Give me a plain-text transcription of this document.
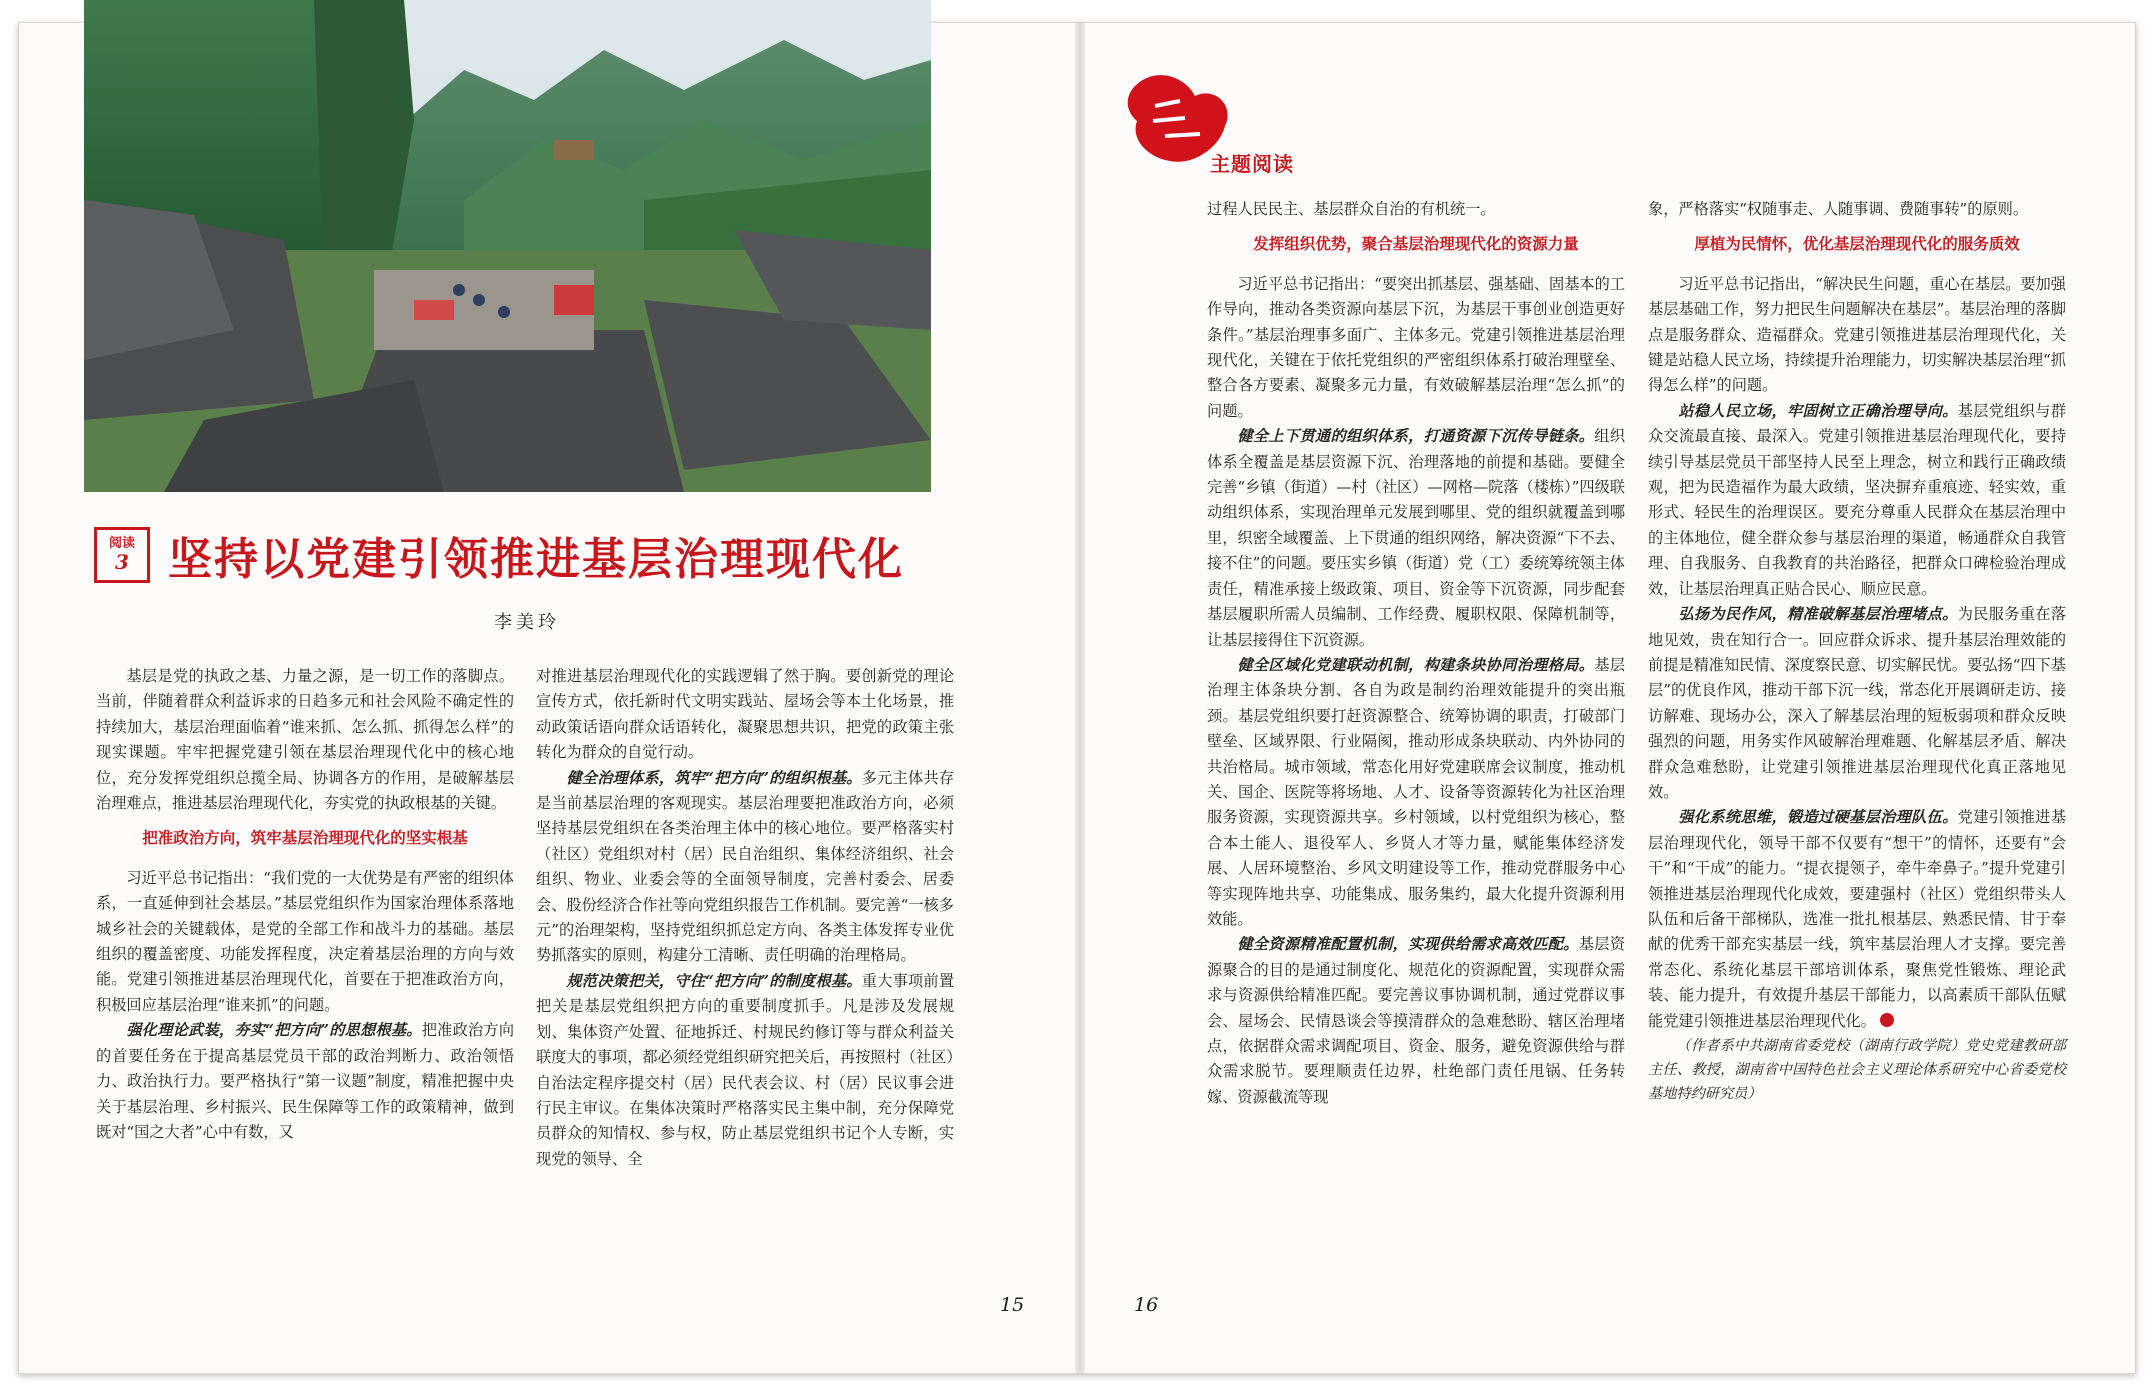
主题阅读
阅读
3 坚持以党建引领推进基层治理现代化
李美玲

基层是党的执政之基、力量之源，是一切工作的落脚点。当前，伴随着群众利益诉求的日趋多元和社会风险不确定性的持续加大，基层治理面临着“谁来抓、怎么抓、抓得怎么样”的现实课题。牢牢把握党建引领在基层治理现代化中的核心地位，充分发挥党组织总揽全局、协调各方的作用，是破解基层治理难点，推进基层治理现代化，夯实党的执政根基的关键。

把准政治方向，筑牢基层治理现代化的坚实根基

习近平总书记指出：“我们党的一大优势是有严密的组织体系，一直延伸到社会基层。”基层党组织作为国家治理体系落地城乡社会的关键载体，是党的全部工作和战斗力的基础。基层组织的覆盖密度、功能发挥程度，决定着基层治理的方向与效能。党建引领推进基层治理现代化，首要在于把准政治方向，积极回应基层治理“谁来抓”的问题。

强化理论武装，夯实“把方向”的思想根基。把准政治方向的首要任务在于提高基层党员干部的政治判断力、政治领悟力、政治执行力。要严格执行“第一议题”制度，精准把握中央关于基层治理、乡村振兴、民生保障等工作的政策精神，做到既对“国之大者”心中有数，又

对推进基层治理现代化的实践逻辑了然于胸。要创新党的理论宣传方式，依托新时代文明实践站、屋场会等本土化场景，推动政策话语向群众话语转化，凝聚思想共识，把党的政策主张转化为群众的自觉行动。

健全治理体系，筑牢“把方向”的组织根基。多元主体共存是当前基层治理的客观现实。基层治理要把准政治方向，必须坚持基层党组织在各类治理主体中的核心地位。要严格落实村（社区）党组织对村（居）民自治组织、集体经济组织、社会组织、物业、业委会等的全面领导制度，完善村委会、居委会、股份经济合作社等向党组织报告工作机制。要完善“一核多元”的治理架构，坚持党组织抓总定方向、各类主体发挥专业优势抓落实的原则，构建分工清晰、责任明确的治理格局。

规范决策把关，守住“把方向”的制度根基。重大事项前置把关是基层党组织把方向的重要制度抓手。凡是涉及发展规划、集体资产处置、征地拆迁、村规民约修订等与群众利益关联度大的事项，都必须经党组织研究把关后，再按照村（社区）自治法定程序提交村（居）民代表会议、村（居）民议事会进行民主审议。在集体决策时严格落实民主集中制，充分保障党员群众的知情权、参与权，防止基层党组织书记个人专断，实现党的领导、全

过程人民民主、基层群众自治的有机统一。

发挥组织优势，聚合基层治理现代化的资源力量

习近平总书记指出：“要突出抓基层、强基础、固基本的工作导向，推动各类资源向基层下沉，为基层干事创业创造更好条件。”基层治理事多面广、主体多元。党建引领推进基层治理现代化，关键在于依托党组织的严密组织体系打破治理壁垒、整合各方要素、凝聚多元力量，有效破解基层治理“怎么抓”的问题。

健全上下贯通的组织体系，打通资源下沉传导链条。组织体系全覆盖是基层资源下沉、治理落地的前提和基础。要健全完善“乡镇（街道）—村（社区）—网格—院落（楼栋）”四级联动组织体系，实现治理单元发展到哪里、党的组织就覆盖到哪里，织密全域覆盖、上下贯通的组织网络，解决资源“下不去、接不住”的问题。要压实乡镇（街道）党（工）委统筹统领主体责任，精准承接上级政策、项目、资金等下沉资源，同步配套基层履职所需人员编制、工作经费、履职权限、保障机制等，让基层接得住下沉资源。

健全区域化党建联动机制，构建条块协同治理格局。基层治理主体条块分割、各自为政是制约治理效能提升的突出瓶颈。基层党组织要打赶资源整合、统筹协调的职责，打破部门壁垒、区域界限、行业隔阂，推动形成条块联动、内外协同的共治格局。城市领域，常态化用好党建联席会议制度，推动机关、国企、医院等将场地、人才、设备等资源转化为社区治理服务资源，实现资源共享。乡村领域，以村党组织为核心，整合本土能人、退役军人、乡贤人才等力量，赋能集体经济发展、人居环境整治、乡风文明建设等工作，推动党群服务中心等实现阵地共享、功能集成、服务集约，最大化提升资源利用效能。

健全资源精准配置机制，实现供给需求高效匹配。基层资源聚合的目的是通过制度化、规范化的资源配置，实现群众需求与资源供给精准匹配。要完善议事协调机制，通过党群议事会、屋场会、民情恳谈会等摸清群众的急难愁盼、辖区治理堵点，依据群众需求调配项目、资金、服务，避免资源供给与群众需求脱节。要理顺责任边界，杜绝部门责任甩锅、任务转嫁、资源截流等现

象，严格落实“权随事走、人随事调、费随事转”的原则。

厚植为民情怀，优化基层治理现代化的服务质效

习近平总书记指出，“解决民生问题，重心在基层。要加强基层基础工作，努力把民生问题解决在基层”。基层治理的落脚点是服务群众、造福群众。党建引领推进基层治理现代化，关键是站稳人民立场，持续提升治理能力，切实解决基层治理“抓得怎么样”的问题。

站稳人民立场，牢固树立正确治理导向。基层党组织与群众交流最直接、最深入。党建引领推进基层治理现代化，要持续引导基层党员干部坚持人民至上理念，树立和践行正确政绩观，把为民造福作为最大政绩，坚决摒弃重痕迹、轻实效，重形式、轻民生的治理误区。要充分尊重人民群众在基层治理中的主体地位，健全群众参与基层治理的渠道，畅通群众自我管理、自我服务、自我教育的共治路径，把群众口碑检验治理成效，让基层治理真正贴合民心、顺应民意。

弘扬为民作风，精准破解基层治理堵点。为民服务重在落地见效，贵在知行合一。回应群众诉求、提升基层治理效能的前提是精准知民情、深度察民意、切实解民忧。要弘扬“四下基层”的优良作风，推动干部下沉一线，常态化开展调研走访、接访解难、现场办公，深入了解基层治理的短板弱项和群众反映强烈的问题，用务实作风破解治理难题、化解基层矛盾、解决群众急难愁盼，让党建引领推进基层治理现代化真正落地见效。

强化系统思维，锻造过硬基层治理队伍。党建引领推进基层治理现代化，领导干部不仅要有“想干”的情怀，还要有“会干”和“干成”的能力。“提衣提领子，牵牛牵鼻子。”提升党建引领推进基层治理现代化成效，要建强村（社区）党组织带头人队伍和后备干部梯队，选准一批扎根基层、熟悉民情、甘于奉献的优秀干部充实基层一线，筑牢基层治理人才支撑。要完善常态化、系统化基层干部培训体系，聚焦党性锻炼、理论武装、能力提升，有效提升基层干部能力，以高素质干部队伍赋能党建引领推进基层治理现代化。

（作者系中共湖南省委党校（湖南行政学院）党史党建教研部主任、教授，湖南省中国特色社会主义理论体系研究中心省委党校基地特约研究员）

15	16
